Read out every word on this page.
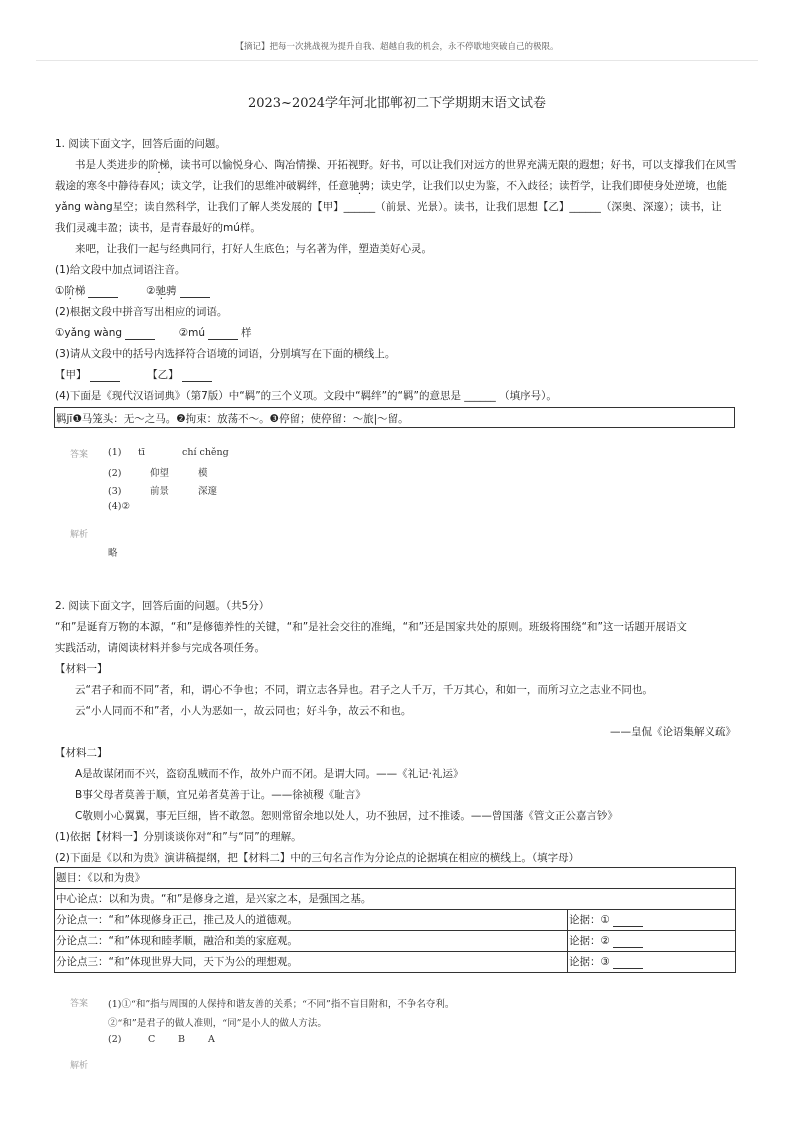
【摘记】把每一次挑战视为提升自我、超越自我的机会，永不停歇地突破自己的极限。
2023~2024学年河北邯郸初二下学期期末语文试卷
1. 阅读下面文字，回答后面的问题。
书是人类进步的阶梯，读书可以愉悦身心、陶冶情操、开拓视野。好书，可以让我们对远方的世界充满无限的遐想；好书，可以支撑我们在风雪
载途的寒冬中静待春风；读文学，让我们的思维冲破羁绊，任意驰骋；读史学，让我们以史为鉴，不入歧径；读哲学，让我们即使身处逆境，也能
yǎng wàng星空；读自然科学，让我们了解人类发展的【甲】______（前景、光景）。读书，让我们思想【乙】______（深奥、深邃）；读书，让
我们灵魂丰盈；读书，是青春最好的mú样。
来吧，让我们一起与经典同行，打好人生底色；与名著为伴，塑造美好心灵。
(1)给文段中加点词语注音。
①阶梯 ·	②驰骋 ·
(2)根据文段中拼音写出相应的词语。
①yǎng wàng	②mú	样
(3)请从文段中的括号内选择符合语境的词语，分别填写在下面的横线上。
【甲】	【乙】
(4)下面是《现代汉语词典》（第7版）中“羁”的三个义项。文段中“羁绊”的“羁”的意思是 ______ （填序号）。
羁jī❶马笼头：无～之马。❷拘束：放荡不～。❸停留；使停留：～旅|～留。
答案 (1) tī	chí chěng
(2)	仰望	模
(3)	前景	深邃
(4)②
解析
略
2. 阅读下面文字，回答后面的问题。（共5分）
“和”是诞育万物的本源，“和”是修德养性的关键，“和”是社会交往的准绳，“和”还是国家共处的原则。班级将围绕“和”这一话题开展语文
实践活动，请阅读材料并参与完成各项任务。
【材料一】
云“君子和而不同”者，和，谓心不争也；不同，谓立志各异也。君子之人千万，千万其心，和如一，而所习立之志业不同也。
云“小人同而不和”者，小人为恶如一，故云同也；好斗争，故云不和也。
——皇侃《论语集解义疏》
【材料二】
A是故谋闭而不兴，盗窃乱贼而不作，故外户而不闭。是谓大同。——《礼记·礼运》
B事父母者莫善于顺，宜兄弟者莫善于让。——徐祯稷《耻言》
C敬则小心翼翼，事无巨细，皆不敢忽。恕则常留余地以处人，功不独居，过不推诿。——曾国藩《管文正公嘉言钞》
(1)依据【材料一】分别谈谈你对“和”与“同”的理解。
(2)下面是《以和为贵》演讲稿提纲，把【材料二】中的三句名言作为分论点的论据填在相应的横线上。（填字母）
题目：《以和为贵》	
中心论点：以和为贵。“和”是修身之道，是兴家之本，是强国之基。	
分论点一：“和”体现修身正己，推己及人的道德观。	论据：①
分论点二：“和”体现和睦孝顺，融洽和美的家庭观。	论据：②
分论点三：“和”体现世界大同，天下为公的理想观。	论据：③
答案 (1)①“和”指与周围的人保持和谐友善的关系；“不同”指不盲目附和，不争名夺利。
②“和”是君子的做人准则，“同”是小人的做人方法。
(2)	C B A
解析
